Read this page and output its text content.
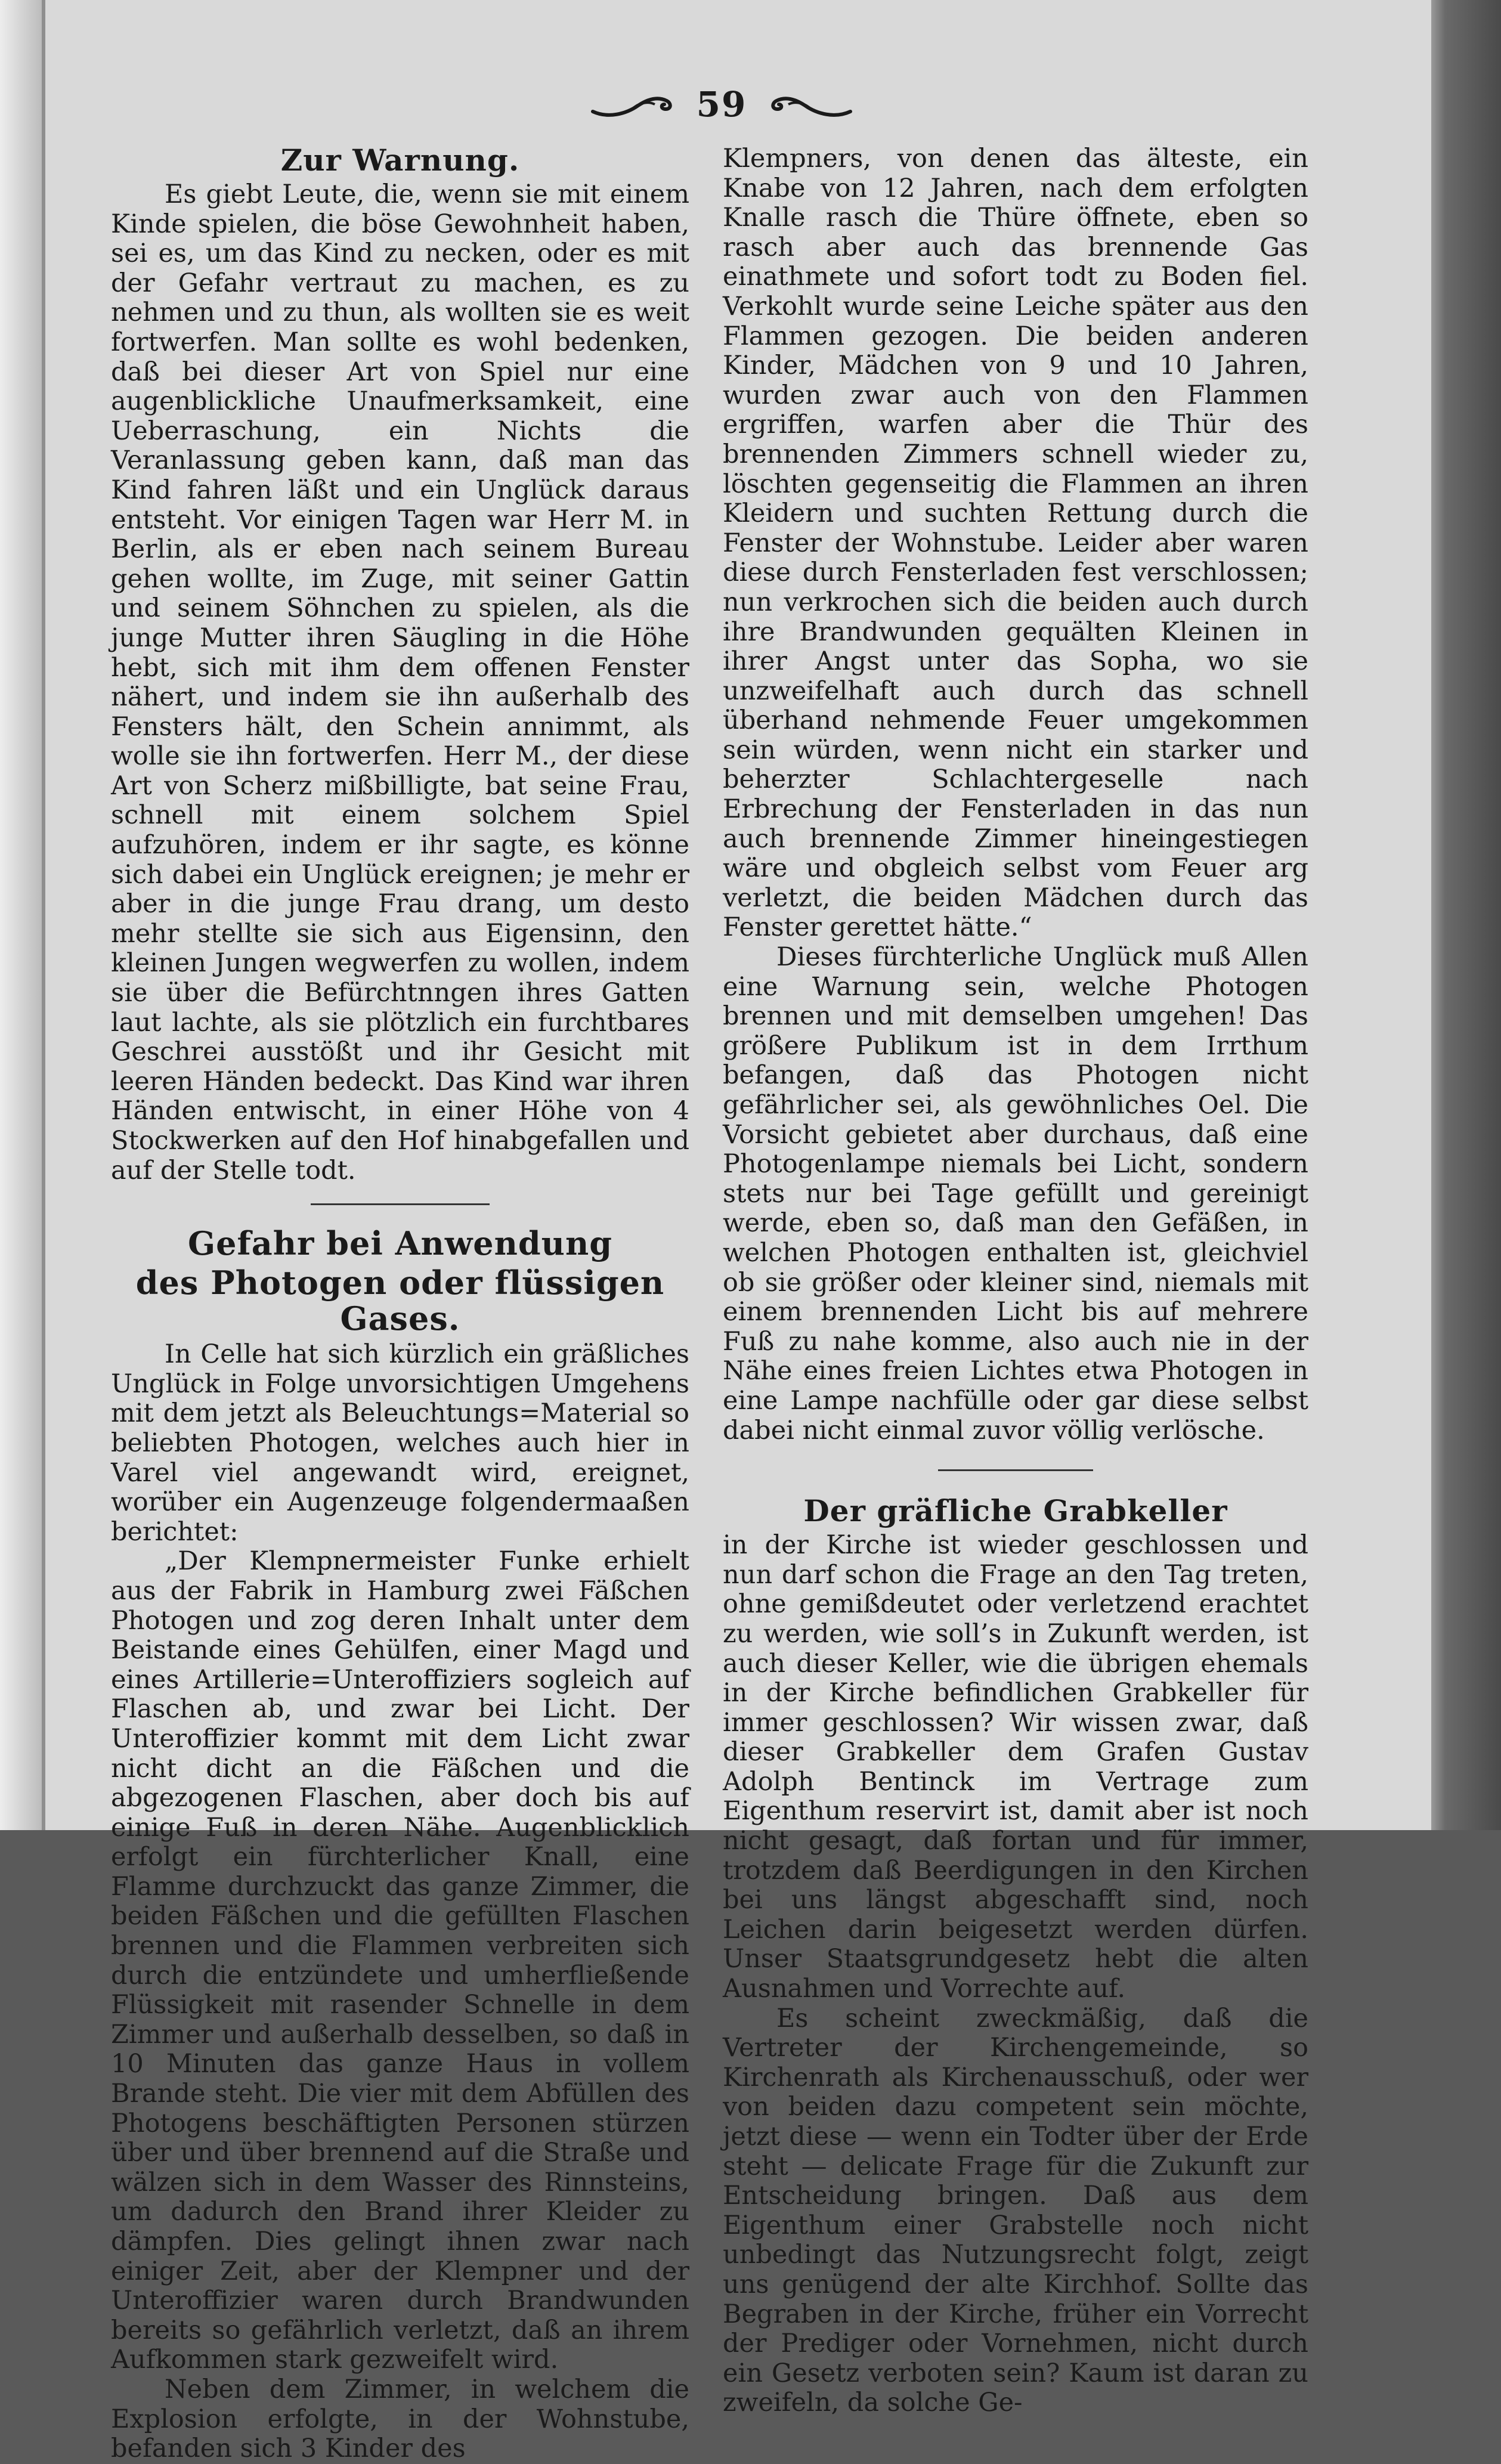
59
Zur Warnung.

Es giebt Leute, die, wenn sie mit einem Kinde spielen, die böse Gewohnheit haben, sei es, um das Kind zu necken, oder es mit der Gefahr vertraut zu machen, es zu nehmen und zu thun, als wollten sie es weit fortwerfen. Man sollte es wohl bedenken, daß bei dieser Art von Spiel nur eine augenblickliche Unaufmerksamkeit, eine Ueberraschung, ein Nichts die Veranlassung geben kann, daß man das Kind fahren läßt und ein Unglück daraus entsteht. Vor einigen Tagen war Herr M. in Berlin, als er eben nach seinem Bureau gehen wollte, im Zuge, mit seiner Gattin und seinem Söhnchen zu spielen, als die junge Mutter ihren Säugling in die Höhe hebt, sich mit ihm dem offenen Fenster nähert, und indem sie ihn außerhalb des Fensters hält, den Schein annimmt, als wolle sie ihn fortwerfen. Herr M., der diese Art von Scherz mißbilligte, bat seine Frau, schnell mit einem solchem Spiel aufzuhören, indem er ihr sagte, es könne sich dabei ein Unglück ereignen; je mehr er aber in die junge Frau drang, um desto mehr stellte sie sich aus Eigensinn, den kleinen Jungen wegwerfen zu wollen, indem sie über die Befürchtnngen ihres Gatten laut lachte, als sie plötzlich ein furchtbares Geschrei ausstößt und ihr Gesicht mit leeren Händen bedeckt. Das Kind war ihren Händen entwischt, in einer Höhe von 4 Stockwerken auf den Hof hinabgefallen und auf der Stelle todt.

Gefahr bei Anwendung
des Photogen oder flüssigen Gases.

In Celle hat sich kürzlich ein gräßliches Unglück in Folge unvorsichtigen Umgehens mit dem jetzt als Beleuchtungs=Material so beliebten Photogen, welches auch hier in Varel viel angewandt wird, ereignet, worüber ein Augenzeuge folgendermaaßen berichtet:

„Der Klempnermeister Funke erhielt aus der Fabrik in Hamburg zwei Fäßchen Photogen und zog deren Inhalt unter dem Beistande eines Gehülfen, einer Magd und eines Artillerie=Unteroffiziers sogleich auf Flaschen ab, und zwar bei Licht. Der Unteroffizier kommt mit dem Licht zwar nicht dicht an die Fäßchen und die abgezogenen Flaschen, aber doch bis auf einige Fuß in deren Nähe. Augenblicklich erfolgt ein fürchterlicher Knall, eine Flamme durchzuckt das ganze Zimmer, die beiden Fäßchen und die gefüllten Flaschen brennen und die Flammen verbreiten sich durch die entzündete und umherfließende Flüssigkeit mit rasender Schnelle in dem Zimmer und außerhalb desselben, so daß in 10 Minuten das ganze Haus in vollem Brande steht. Die vier mit dem Abfüllen des Photogens beschäftigten Personen stürzen über und über brennend auf die Straße und wälzen sich in dem Wasser des Rinnsteins, um dadurch den Brand ihrer Kleider zu dämpfen. Dies gelingt ihnen zwar nach einiger Zeit, aber der Klempner und der Unteroffizier waren durch Brandwunden bereits so gefährlich verletzt, daß an ihrem Aufkommen stark gezweifelt wird.

Neben dem Zimmer, in welchem die Explosion erfolgte, in der Wohnstube, befanden sich 3 Kinder des

Klempners, von denen das älteste, ein Knabe von 12 Jahren, nach dem erfolgten Knalle rasch die Thüre öffnete, eben so rasch aber auch das brennende Gas einathmete und sofort todt zu Boden fiel. Verkohlt wurde seine Leiche später aus den Flammen gezogen. Die beiden anderen Kinder, Mädchen von 9 und 10 Jahren, wurden zwar auch von den Flammen ergriffen, warfen aber die Thür des brennenden Zimmers schnell wieder zu, löschten gegenseitig die Flammen an ihren Kleidern und suchten Rettung durch die Fenster der Wohnstube. Leider aber waren diese durch Fensterladen fest verschlossen; nun verkrochen sich die beiden auch durch ihre Brandwunden gequälten Kleinen in ihrer Angst unter das Sopha, wo sie unzweifelhaft auch durch das schnell überhand nehmende Feuer umgekommen sein würden, wenn nicht ein starker und beherzter Schlachtergeselle nach Erbrechung der Fensterladen in das nun auch brennende Zimmer hineingestiegen wäre und obgleich selbst vom Feuer arg verletzt, die beiden Mädchen durch das Fenster gerettet hätte.“

Dieses fürchterliche Unglück muß Allen eine Warnung sein, welche Photogen brennen und mit demselben umgehen! Das größere Publikum ist in dem Irrthum befangen, daß das Photogen nicht gefährlicher sei, als gewöhnliches Oel. Die Vorsicht gebietet aber durchaus, daß eine Photogenlampe niemals bei Licht, sondern stets nur bei Tage gefüllt und gereinigt werde, eben so, daß man den Gefäßen, in welchen Photogen enthalten ist, gleichviel ob sie größer oder kleiner sind, niemals mit einem brennenden Licht bis auf mehrere Fuß zu nahe komme, also auch nie in der Nähe eines freien Lichtes etwa Photogen in eine Lampe nachfülle oder gar diese selbst dabei nicht einmal zuvor völlig verlösche.

Der gräfliche Grabkeller

in der Kirche ist wieder geschlossen und nun darf schon die Frage an den Tag treten, ohne gemißdeutet oder verletzend erachtet zu werden, wie soll’s in Zukunft werden, ist auch dieser Keller, wie die übrigen ehemals in der Kirche befindlichen Grabkeller für immer geschlossen? Wir wissen zwar, daß dieser Grabkeller dem Grafen Gustav Adolph Bentinck im Vertrage zum Eigenthum reservirt ist, damit aber ist noch nicht gesagt, daß fortan und für immer, trotzdem daß Beerdigungen in den Kirchen bei uns längst abgeschafft sind, noch Leichen darin beigesetzt werden dürfen. Unser Staatsgrundgesetz hebt die alten Ausnahmen und Vorrechte auf.

Es scheint zweckmäßig, daß die Vertreter der Kirchengemeinde, so Kirchenrath als Kirchenausschuß, oder wer von beiden dazu competent sein möchte, jetzt diese — wenn ein Todter über der Erde steht — delicate Frage für die Zukunft zur Entscheidung bringen. Daß aus dem Eigenthum einer Grabstelle noch nicht unbedingt das Nutzungsrecht folgt, zeigt uns genügend der alte Kirchhof. Sollte das Begraben in der Kirche, früher ein Vorrecht der Prediger oder Vornehmen, nicht durch ein Gesetz verboten sein? Kaum ist daran zu zweifeln, da solche Ge-
